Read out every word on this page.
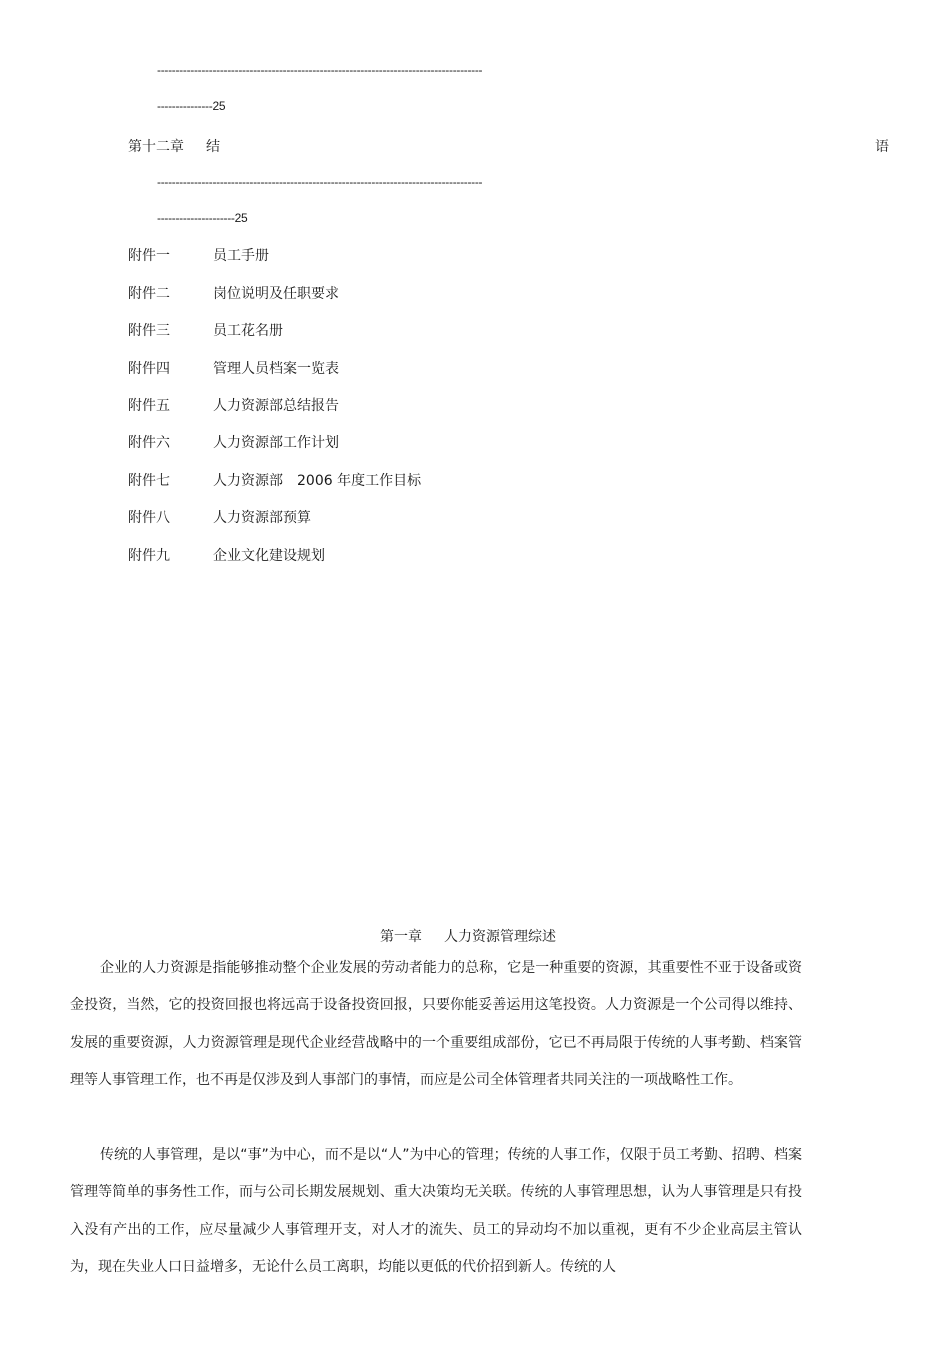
----------------------------------------------------------------------------------------
---------------25
第十二章 结	语
----------------------------------------------------------------------------------------
---------------------25
附件一	员工手册
附件二	岗位说明及任职要求
附件三	员工花名册
附件四	管理人员档案一览表
附件五	人力资源部总结报告
附件六	人力资源部工作计划
附件七	人力资源部　2006 年度工作目标
附件八	人力资源部预算
附件九	企业文化建设规划
第一章 人力资源管理综述

企业的人力资源是指能够推动整个企业发展的劳动者能力的总称，它是一种重要的资源，其重要性不亚于设备或资金投资，当然，它的投资回报也将远高于设备投资回报，只要你能妥善运用这笔投资。人力资源是一个公司得以维持、发展的重要资源，人力资源管理是现代企业经营战略中的一个重要组成部份，它已不再局限于传统的人事考勤、档案管理等人事管理工作，也不再是仅涉及到人事部门的事情，而应是公司全体管理者共同关注的一项战略性工作。

传统的人事管理，是以“事”为中心，而不是以“人”为中心的管理；传统的人事工作，仅限于员工考勤、招聘、档案管理等简单的事务性工作，而与公司长期发展规划、重大决策均无关联。传统的人事管理思想，认为人事管理是只有投入没有产出的工作，应尽量减少人事管理开支，对人才的流失、员工的异动均不加以重视，更有不少企业高层主管认为，现在失业人口日益增多，无论什么员工离职，均能以更低的代价招到新人。传统的人
